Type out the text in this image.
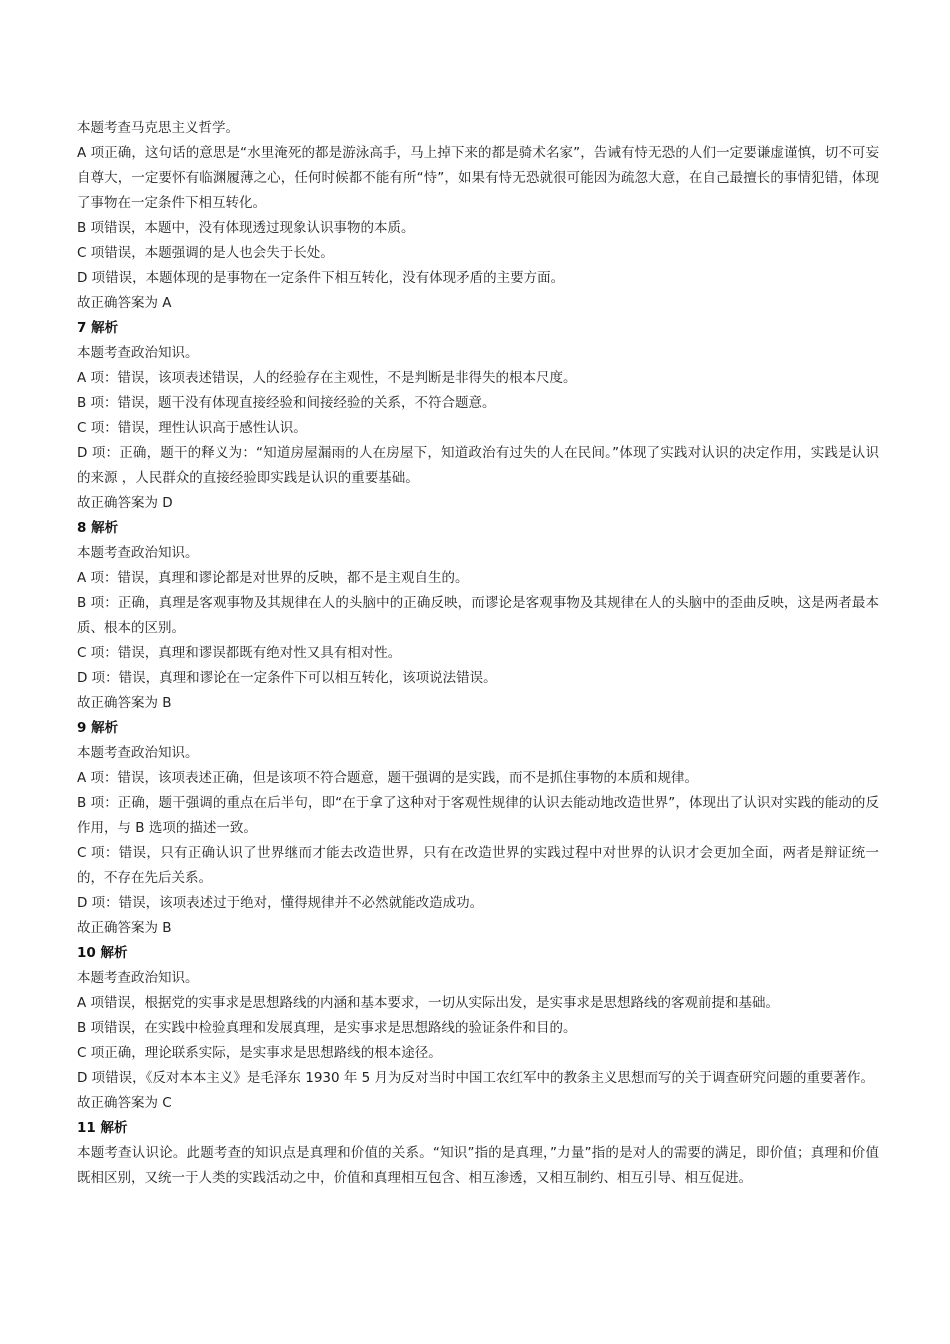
本题考查马克思主义哲学。

A 项正确，这句话的意思是“水里淹死的都是游泳高手，马上掉下来的都是骑术名家”，告诫有恃无恐的人们一定要谦虚谨慎，切不可妄自尊大，一定要怀有临渊履薄之心，任何时候都不能有所“恃”，如果有恃无恐就很可能因为疏忽大意，在自己最擅长的事情犯错，体现了事物在一定条件下相互转化。

B 项错误，本题中，没有体现透过现象认识事物的本质。

C 项错误，本题强调的是人也会失于长处。

D 项错误，本题体现的是事物在一定条件下相互转化，没有体现矛盾的主要方面。

故正确答案为 A

7 解析

本题考查政治知识。

A 项：错误，该项表述错误，人的经验存在主观性，不是判断是非得失的根本尺度。

B 项：错误，题干没有体现直接经验和间接经验的关系，不符合题意。

C 项：错误，理性认识高于感性认识。

D 项：正确，题干的释义为：“知道房屋漏雨的人在房屋下，知道政治有过失的人在民间。”体现了实践对认识的决定作用，实践是认识的来源 ，人民群众的直接经验即实践是认识的重要基础。

故正确答案为 D

8 解析

本题考查政治知识。

A 项：错误，真理和谬论都是对世界的反映，都不是主观自生的。

B 项：正确，真理是客观事物及其规律在人的头脑中的正确反映，而谬论是客观事物及其规律在人的头脑中的歪曲反映，这是两者最本质、根本的区别。

C 项：错误，真理和谬误都既有绝对性又具有相对性。

D 项：错误，真理和谬论在一定条件下可以相互转化，该项说法错误。

故正确答案为 B

9 解析

本题考查政治知识。

A 项：错误，该项表述正确，但是该项不符合题意，题干强调的是实践，而不是抓住事物的本质和规律。

B 项：正确，题干强调的重点在后半句，即“在于拿了这种对于客观性规律的认识去能动地改造世界”，体现出了认识对实践的能动的反作用，与 B 选项的描述一致。

C 项：错误，只有正确认识了世界继而才能去改造世界，只有在改造世界的实践过程中对世界的认识才会更加全面，两者是辩证统一的，不存在先后关系。

D 项：错误，该项表述过于绝对，懂得规律并不必然就能改造成功。

故正确答案为 B

10 解析

本题考查政治知识。

A 项错误，根据党的实事求是思想路线的内涵和基本要求，一切从实际出发，是实事求是思想路线的客观前提和基础。

B 项错误，在实践中检验真理和发展真理，是实事求是思想路线的验证条件和目的。

C 项正确，理论联系实际，是实事求是思想路线的根本途径。

D 项错误，《反对本本主义》是毛泽东 1930 年 5 月为反对当时中国工农红军中的教条主义思想而写的关于调查研究问题的重要著作。

故正确答案为 C

11 解析

本题考查认识论。此题考查的知识点是真理和价值的关系。“知识”指的是真理，”力量”指的是对人的需要的满足，即价值；真理和价值既相区别，又统一于人类的实践活动之中，价值和真理相互包含、相互渗透，又相互制约、相互引导、相互促进。
